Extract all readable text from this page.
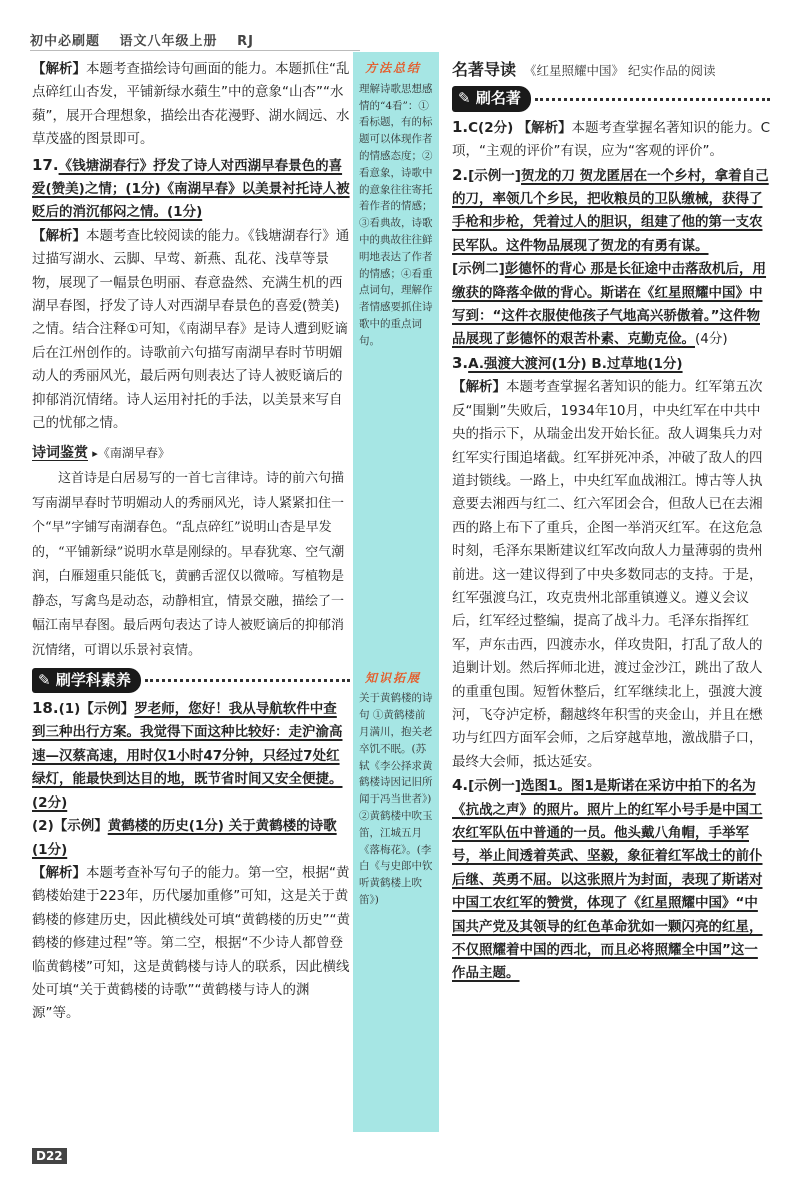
初中必刷题 语文八年级上册 RJ

【解析】本题考查描绘诗句画面的能力。本题抓住“乱点碎红山杏发，平铺新绿水蘋生”中的意象“山杏”“水蘋”，展开合理想象，描绘出杏花漫野、湖水阔远、水草茂盛的图景即可。

17.《钱塘湖春行》抒发了诗人对西湖早春景色的喜爱(赞美)之情；(1分)《南湖早春》以美景衬托诗人被贬后的消沉郁闷之情。(1分)

【解析】本题考查比较阅读的能力。《钱塘湖春行》通过描写湖水、云脚、早莺、新燕、乱花、浅草等景物，展现了一幅景色明丽、春意盎然、充满生机的西湖早春图，抒发了诗人对西湖早春景色的喜爱(赞美)之情。结合注释①可知，《南湖早春》是诗人遭到贬谪后在江州创作的。诗歌前六句描写南湖早春时节明媚动人的秀丽风光，最后两句则表达了诗人被贬谪后的抑郁消沉情绪。诗人运用衬托的手法，以美景来写自己的忧郁之情。

诗词鉴赏 ▸《南湖早春》

这首诗是白居易写的一首七言律诗。诗的前六句描写南湖早春时节明媚动人的秀丽风光，诗人紧紧扣住一个“早”字铺写南湖春色。“乱点碎红”说明山杏是早发的，“平铺新绿”说明水草是刚绿的。早春犹寒、空气潮润，白雁翅重只能低飞，黄鹂舌涩仅以微啼。写植物是静态，写禽鸟是动态，动静相宜，情景交融，描绘了一幅江南早春图。最后两句表达了诗人被贬谪后的抑郁消沉情绪，可谓以乐景衬哀情。

✎ 刷学科素养

18.(1)【示例】罗老师，您好！我从导航软件中查到三种出行方案。我觉得下面这种比较好：走沪渝高速—汉蔡高速，用时仅1小时47分钟，只经过7处红绿灯，能最快到达目的地，既节省时间又安全便捷。(2分)

(2)【示例】黄鹤楼的历史(1分) 关于黄鹤楼的诗歌(1分)

【解析】本题考查补写句子的能力。第一空，根据“黄鹤楼始建于223年，历代屡加重修”可知，这是关于黄鹤楼的修建历史，因此横线处可填“黄鹤楼的历史”“黄鹤楼的修建过程”等。第二空，根据“不少诗人都曾登临黄鹤楼”可知，这是黄鹤楼与诗人的联系，因此横线处可填“关于黄鹤楼的诗歌”“黄鹤楼与诗人的渊源”等。

方法总结

理解诗歌思想感情的“4看”：①看标题，有的标题可以体现作者的情感态度；②看意象，诗歌中的意象往往寄托着作者的情感；③看典故，诗歌中的典故往往鲜明地表达了作者的情感；④看重点词句，理解作者情感要抓住诗歌中的重点词句。

知识拓展

关于黄鹤楼的诗句 ①黄鹤楼前月满川，抱关老卒饥不眠。(苏轼《李公择求黄鹤楼诗因记旧所闻于冯当世者》) ②黄鹤楼中吹玉笛，江城五月《落梅花》。(李白《与史郎中钦听黄鹤楼上吹笛》)

名著导读 《红星照耀中国》 纪实作品的阅读
✎ 刷名著

1.C(2分) 【解析】本题考查掌握名著知识的能力。C项，“主观的评价”有误，应为“客观的评价”。

2.[示例一]贺龙的刀 贺龙匿居在一个乡村，拿着自己的刀，率领几个乡民，把收粮员的卫队缴械，获得了手枪和步枪，凭着过人的胆识，组建了他的第一支农民军队。这件物品展现了贺龙的有勇有谋。

[示例二]彭德怀的背心 那是长征途中击落敌机后，用缴获的降落伞做的背心。斯诺在《红星照耀中国》中写到：“这件衣服使他孩子气地高兴骄傲着。”这件物品展现了彭德怀的艰苦朴素、克勤克俭。(4分)

3.A.强渡大渡河(1分) B.过草地(1分)

【解析】本题考查掌握名著知识的能力。红军第五次反“围剿”失败后，1934年10月，中央红军在中共中央的指示下，从瑞金出发开始长征。敌人调集兵力对红军实行围追堵截。红军拼死冲杀，冲破了敌人的四道封锁线。一路上，中央红军血战湘江。博古等人执意要去湘西与红二、红六军团会合，但敌人已在去湘西的路上布下了重兵，企图一举消灭红军。在这危急时刻，毛泽东果断建议红军改向敌人力量薄弱的贵州前进。这一建议得到了中央多数同志的支持。于是，红军强渡乌江，攻克贵州北部重镇遵义。遵义会议后，红军经过整编，提高了战斗力。毛泽东指挥红军，声东击西，四渡赤水，佯攻贵阳，打乱了敌人的追剿计划。然后挥师北进，渡过金沙江，跳出了敌人的重重包围。短暂休整后，红军继续北上，强渡大渡河，飞夺泸定桥，翻越终年积雪的夹金山，并且在懋功与红四方面军会师，之后穿越草地，激战腊子口，最终大会师，抵达延安。

4.[示例一]选图1。图1是斯诺在采访中拍下的名为《抗战之声》的照片。照片上的红军小号手是中国工农红军队伍中普通的一员。他头戴八角帽，手举军号，举止间透着英武、坚毅，象征着红军战士的前仆后继、英勇不屈。以这张照片为封面，表现了斯诺对中国工农红军的赞赏，体现了《红星照耀中国》“中国共产党及其领导的红色革命犹如一颗闪亮的红星，不仅照耀着中国的西北，而且必将照耀全中国”这一作品主题。

D22
